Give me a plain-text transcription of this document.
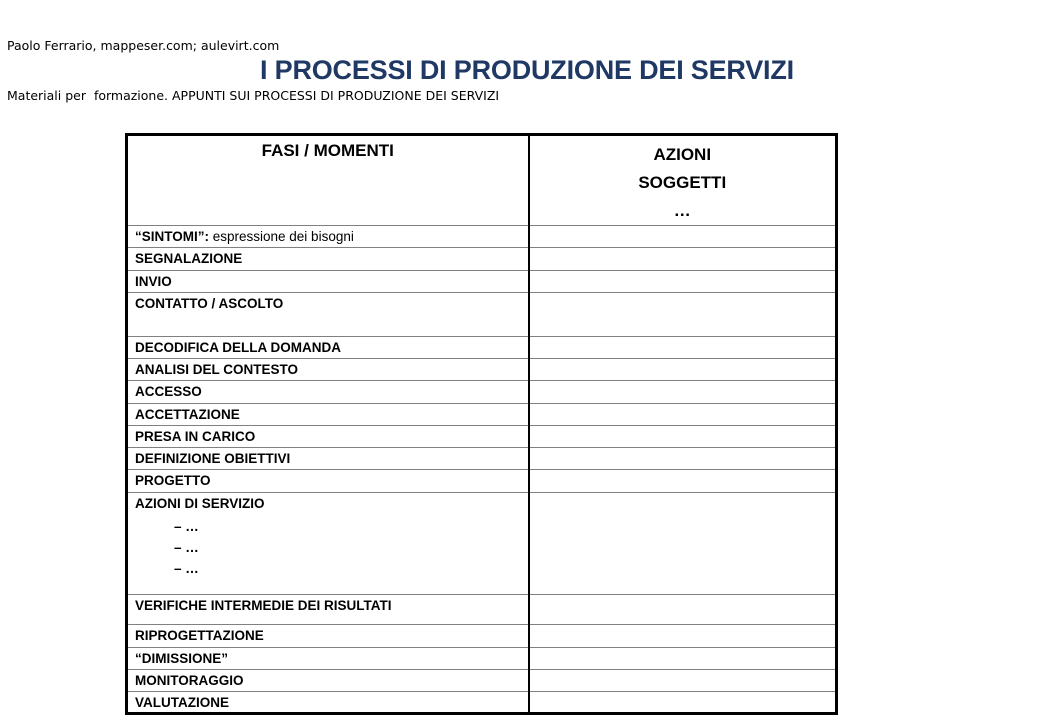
Paolo Ferrario, mappeser.com; aulevirt.com

Materiali per  formazione. APPUNTI SUI PROCESSI DI PRODUZIONE DEI SERVIZI

I PROCESSI DI PRODUZIONE DEI SERVIZI
FASI / MOMENTI	AZIONI
SOGGETTI
…

“SINTOMI”: espressione dei bisogni	
SEGNALAZIONE	
INVIO	
CONTATTO / ASCOLTO	
DECODIFICA DELLA DOMANDA	
ANALISI DEL CONTESTO	
ACCESSO	
ACCETTAZIONE	
PRESA IN CARICO	
DEFINIZIONE OBIETTIVI	
PROGETTO	

AZIONI DI SERVIZIO
– …
– …
– …	

VERIFICHE INTERMEDIE DEI RISULTATI	
RIPROGETTAZIONE	
“DIMISSIONE”	
MONITORAGGIO	
VALUTAZIONE	
